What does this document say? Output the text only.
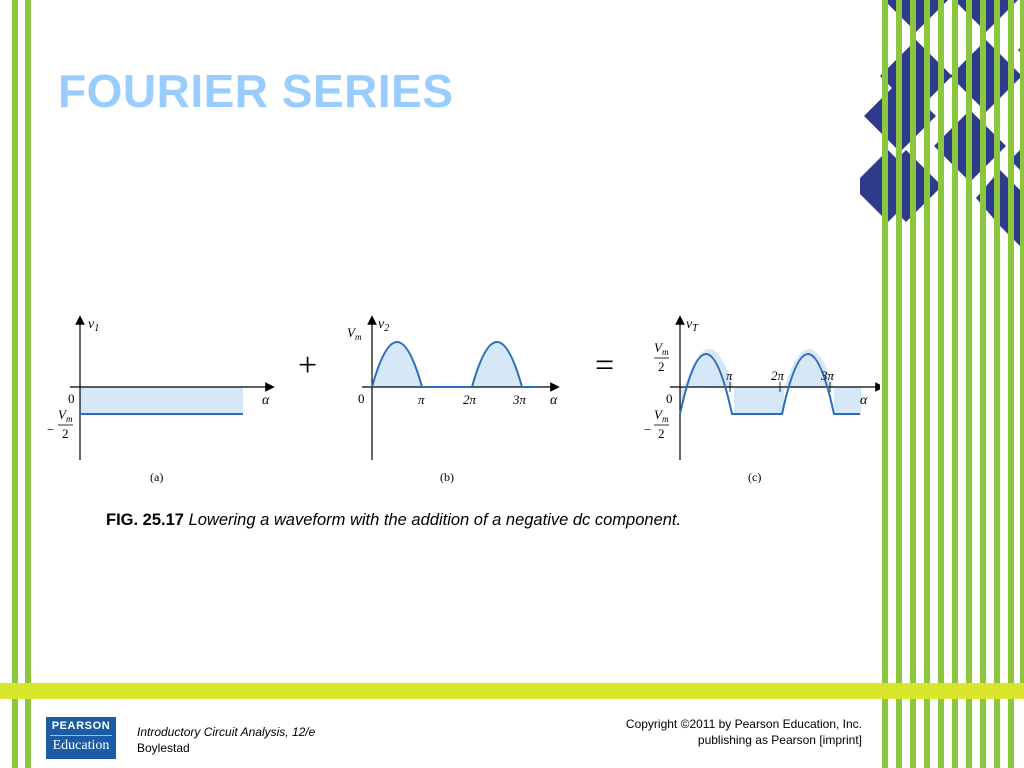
FOURIER SERIES
$v_1$
0	α
−
$V_m$
2
(a)
+
$V_m$
$v_2$
0	π	2π	3π α
(b)
=
$v_T$
$V_m$
2
0
−
$V_m$
2
π	2π	3π
α
(c)
FIG. 25.17 Lowering a waveform with the addition of a negative dc component.
PEARSON
Education
Introductory Circuit Analysis, 12/e
Boylestad
Copyright ©2011 by Pearson Education, Inc.
publishing as Pearson [imprint]
